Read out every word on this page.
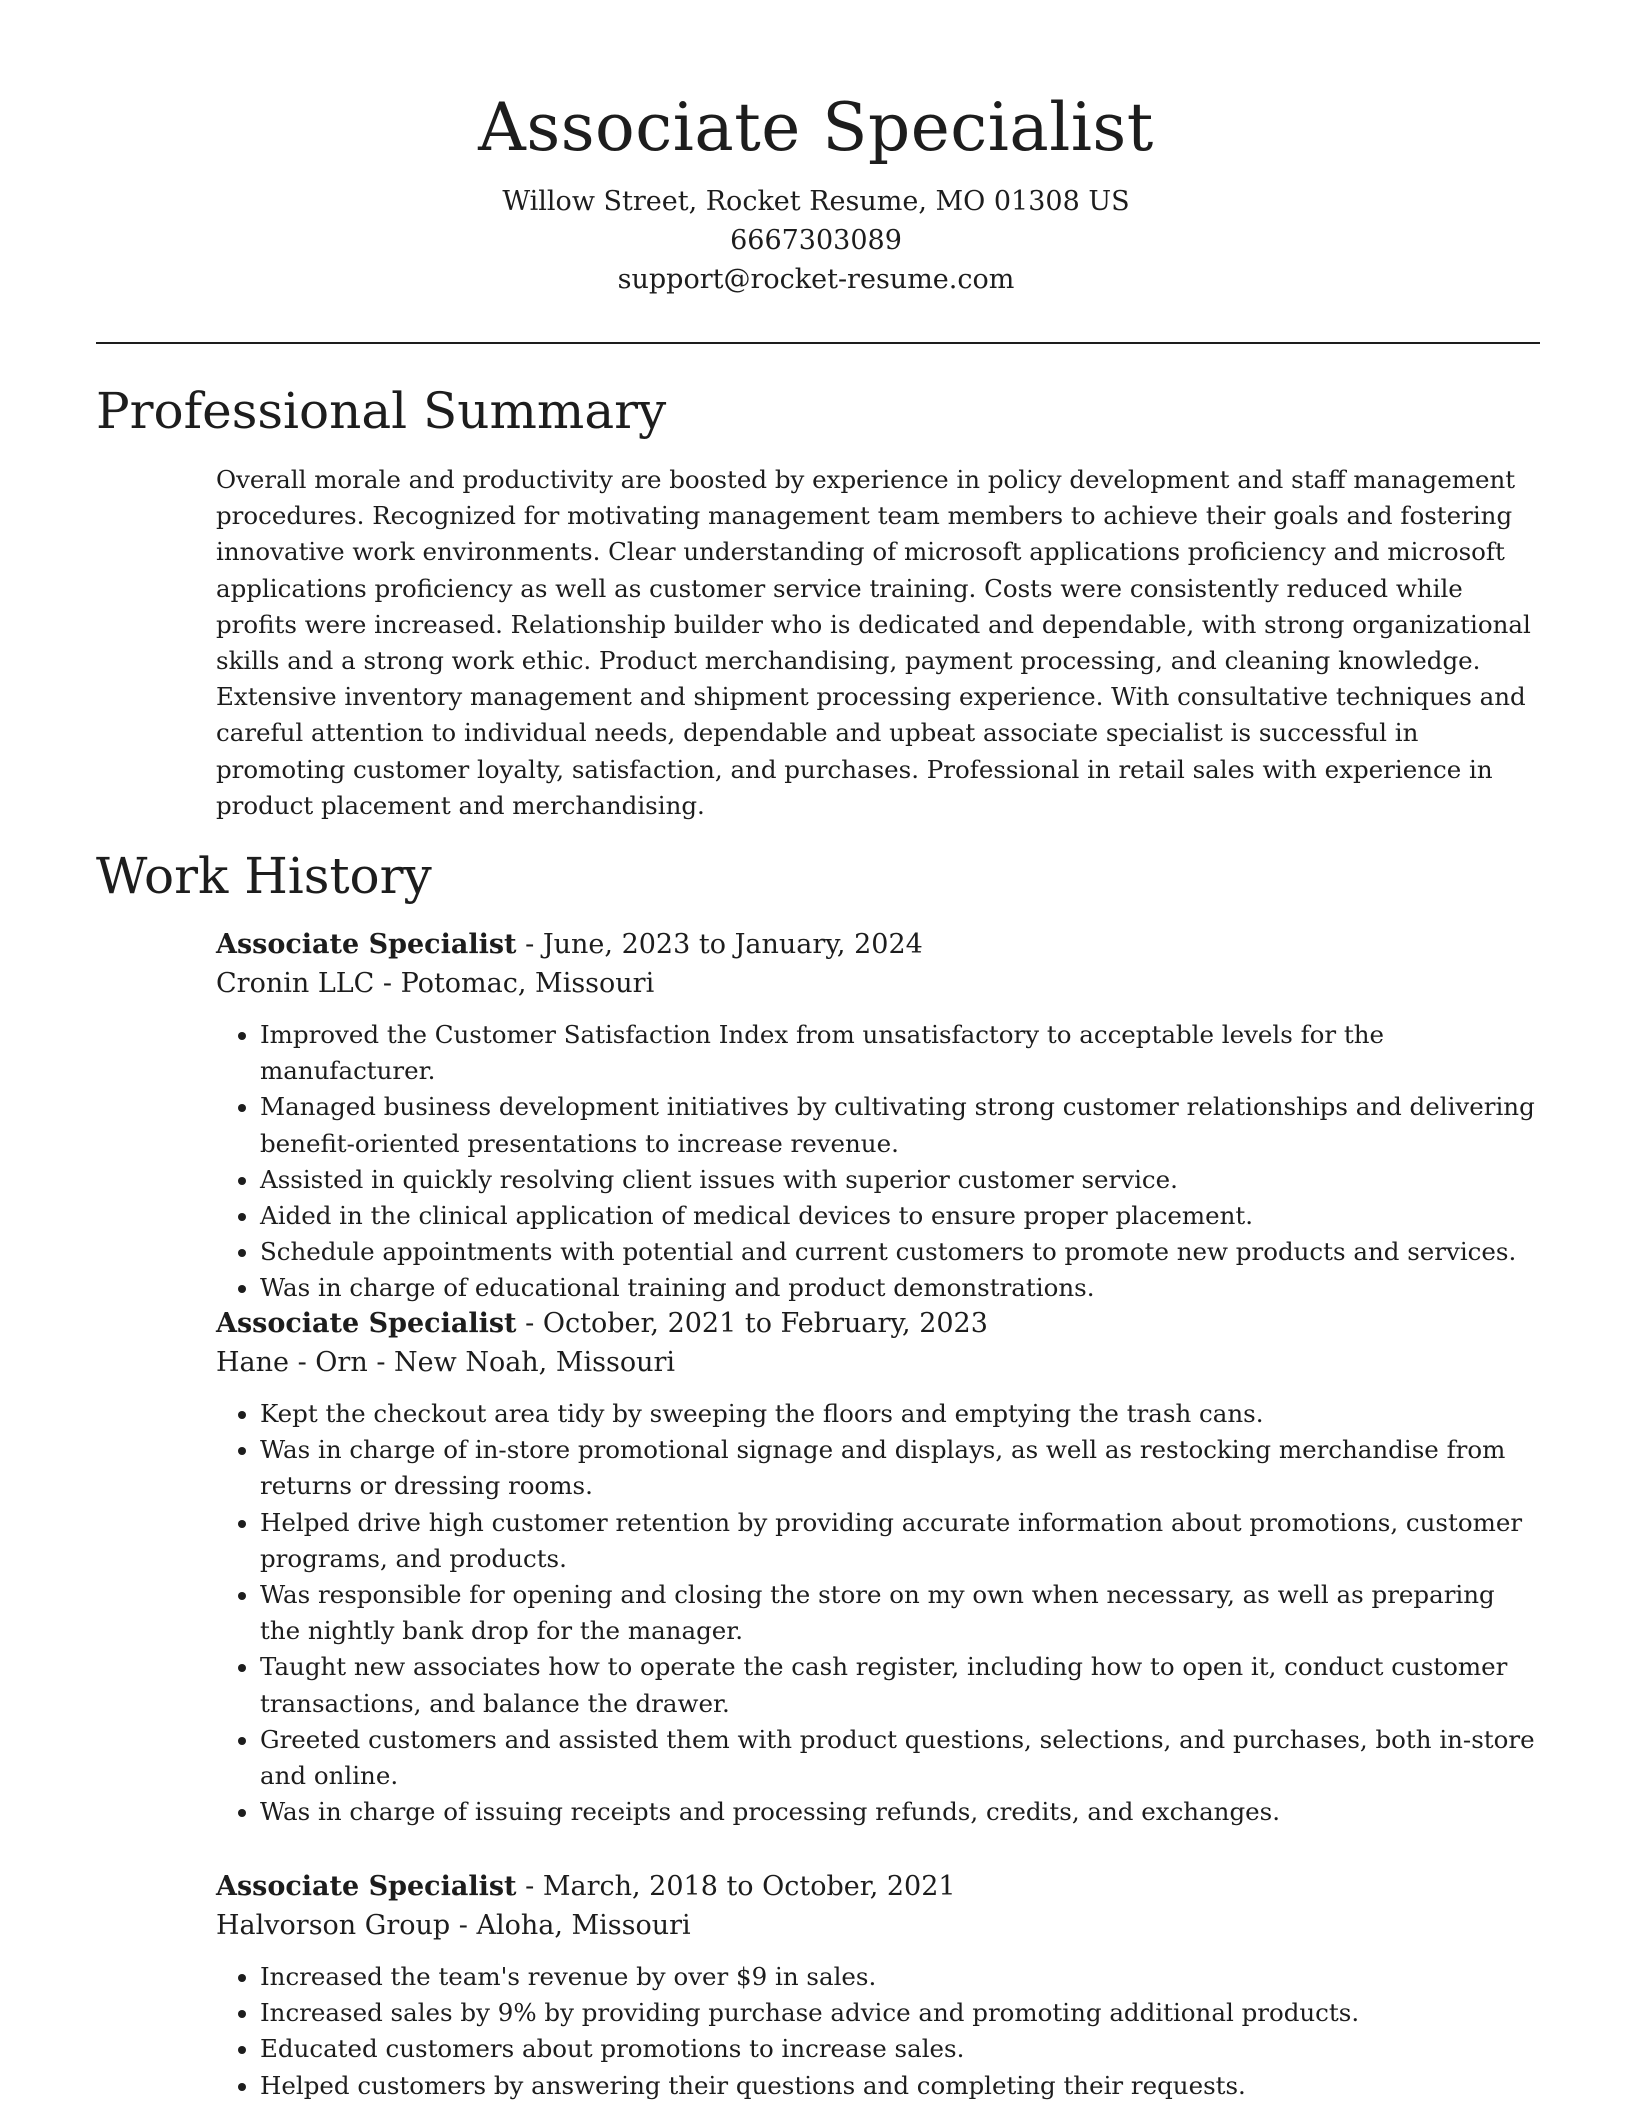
Associate Specialist

Willow Street, Rocket Resume, MO 01308 US

6667303089

support@rocket-resume.com

Professional Summary

Overall morale and productivity are boosted by experience in policy development and staff management procedures. Recognized for motivating management team members to achieve their goals and fostering innovative work environments. Clear understanding of microsoft applications proficiency and microsoft applications proficiency as well as customer service training. Costs were consistently reduced while profits were increased. Relationship builder who is dedicated and dependable, with strong organizational skills and a strong work ethic. Product merchandising, payment processing, and cleaning knowledge. Extensive inventory management and shipment processing experience. With consultative techniques and careful attention to individual needs, dependable and upbeat associate specialist is successful in promoting customer loyalty, satisfaction, and purchases. Professional in retail sales with experience in product placement and merchandising.

Work History

Associate Specialist - June, 2023 to January, 2024

Cronin LLC - Potomac, Missouri

• Improved the Customer Satisfaction Index from unsatisfactory to acceptable levels for the manufacturer.
• Managed business development initiatives by cultivating strong customer relationships and delivering benefit-oriented presentations to increase revenue.
• Assisted in quickly resolving client issues with superior customer service.
• Aided in the clinical application of medical devices to ensure proper placement.
• Schedule appointments with potential and current customers to promote new products and services.
• Was in charge of educational training and product demonstrations.

Associate Specialist - October, 2021 to February, 2023

Hane - Orn - New Noah, Missouri

• Kept the checkout area tidy by sweeping the floors and emptying the trash cans.
• Was in charge of in-store promotional signage and displays, as well as restocking merchandise from returns or dressing rooms.
• Helped drive high customer retention by providing accurate information about promotions, customer programs, and products.
• Was responsible for opening and closing the store on my own when necessary, as well as preparing the nightly bank drop for the manager.
• Taught new associates how to operate the cash register, including how to open it, conduct customer transactions, and balance the drawer.
• Greeted customers and assisted them with product questions, selections, and purchases, both in-store and online.
• Was in charge of issuing receipts and processing refunds, credits, and exchanges.

Associate Specialist - March, 2018 to October, 2021

Halvorson Group - Aloha, Missouri

• Increased the team's revenue by over $9 in sales.
• Increased sales by 9% by providing purchase advice and promoting additional products.
• Educated customers about promotions to increase sales.
• Helped customers by answering their questions and completing their requests.
